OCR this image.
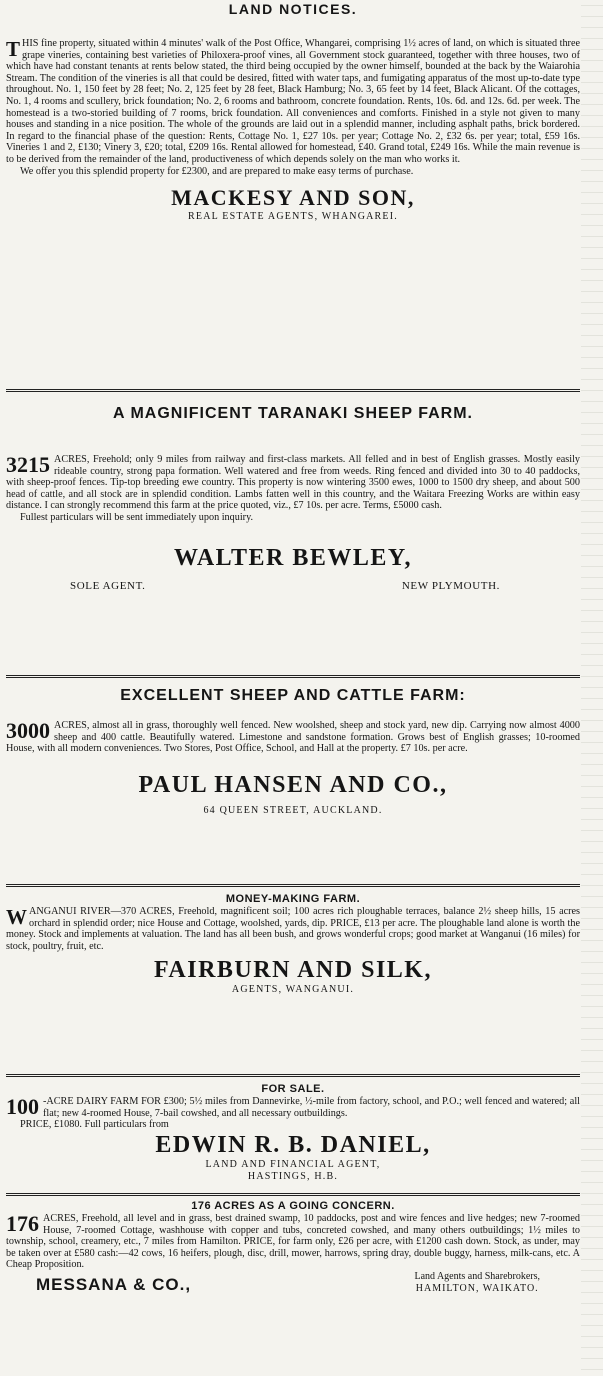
LAND NOTICES.
T HIS fine property, situated within 4 minutes' walk of the Post Office, Whangarei, comprising 1½ acres of land, on which is situated three grape vineries, containing best varieties of Philoxera-proof vines, all Government stock guaranteed, together with three houses, two of which have had constant tenants at rents below stated, the third being occupied by the owner himself, bounded at the back by the Waiarohia Stream. The condition of the vineries is all that could be desired, fitted with water taps, and fumigating apparatus of the most up-to-date type throughout. No. 1, 150 feet by 28 feet; No. 2, 125 feet by 28 feet, Black Hamburg; No. 3, 65 feet by 14 feet, Black Alicant. Of the cottages, No. 1, 4 rooms and scullery, brick foundation; No. 2, 6 rooms and bathroom, concrete foundation. Rents, 10s. 6d. and 12s. 6d. per week. The homestead is a two-storied building of 7 rooms, brick foundation. All conveniences and comforts. Finished in a style not given to many houses and standing in a nice position. The whole of the grounds are laid out in a splendid manner, including asphalt paths, brick bordered. In regard to the financial phase of the question: Rents, Cottage No. 1, £27 10s. per year; Cottage No. 2, £32 6s. per year; total, £59 16s. Vineries 1 and 2, £130; Vinery 3, £20; total, £209 16s. Rental allowed for homestead, £40. Grand total, £249 16s. While the main revenue is to be derived from the remainder of the land, productiveness of which depends solely on the man who works it.
We offer you this splendid property for £2300, and are prepared to make easy terms of purchase.
MACKESY AND SON,
REAL ESTATE AGENTS, WHANGAREI.
A MAGNIFICENT TARANAKI SHEEP FARM.
3215 ACRES, Freehold; only 9 miles from railway and first-class markets. All felled and in best of English grasses. Mostly easily rideable country, strong papa formation. Well watered and free from weeds. Ring fenced and divided into 30 to 40 paddocks, with sheep-proof fences. Tip-top breeding ewe country. This property is now wintering 3500 ewes, 1000 to 1500 dry sheep, and about 500 head of cattle, and all stock are in splendid condition. Lambs fatten well in this country, and the Waitara Freezing Works are within easy distance. I can strongly recommend this farm at the price quoted, viz., £7 10s. per acre. Terms, £5000 cash.
Fullest particulars will be sent immediately upon inquiry.
WALTER BEWLEY,
SOLE AGENT.	NEW PLYMOUTH.
EXCELLENT SHEEP AND CATTLE FARM:
3000 ACRES, almost all in grass, thoroughly well fenced. New woolshed, sheep and stock yard, new dip. Carrying now almost 4000 sheep and 400 cattle. Beautifully watered. Limestone and sandstone formation. Grows best of English grasses; 10-roomed House, with all modern conveniences. Two Stores, Post Office, School, and Hall at the property. £7 10s. per acre.
PAUL HANSEN AND CO.,
64 QUEEN STREET, AUCKLAND.
MONEY-MAKING FARM.
W ANGANUI RIVER—370 ACRES, Freehold, magnificent soil; 100 acres rich ploughable terraces, balance 2½ sheep hills, 15 acres orchard in splendid order; nice House and Cottage, woolshed, yards, dip. PRICE, £13 per acre. The ploughable land alone is worth the money. Stock and implements at valuation. The land has all been bush, and grows wonderful crops; good market at Wanganui (16 miles) for stock, poultry, fruit, etc.
FAIRBURN AND SILK,
AGENTS, WANGANUI.
FOR SALE.
100 -ACRE DAIRY FARM FOR £300; 5½ miles from Dannevirke, ½-mile from factory, school, and P.O.; well fenced and watered; all flat; new 4-roomed House, 7-bail cowshed, and all necessary outbuildings.
PRICE, £1080. Full particulars from
EDWIN R. B. DANIEL,
LAND AND FINANCIAL AGENT,
HASTINGS, H.B.
176 ACRES AS A GOING CONCERN.
176 ACRES, Freehold, all level and in grass, best drained swamp, 10 paddocks, post and wire fences and live hedges; new 7-roomed House, 7-roomed Cottage, washhouse with copper and tubs, concreted cowshed, and many others outbuildings; 1½ miles to township, school, creamery, etc., 7 miles from Hamilton. PRICE, for farm only, £26 per acre, with £1200 cash down. Stock, as under, may be taken over at £580 cash:—42 cows, 16 heifers, plough, disc, drill, mower, harrows, spring dray, double buggy, harness, milk-cans, etc. A Cheap Proposition.
MESSANA & CO.,	Land Agents and Sharebrokers,
HAMILTON, WAIKATO.
